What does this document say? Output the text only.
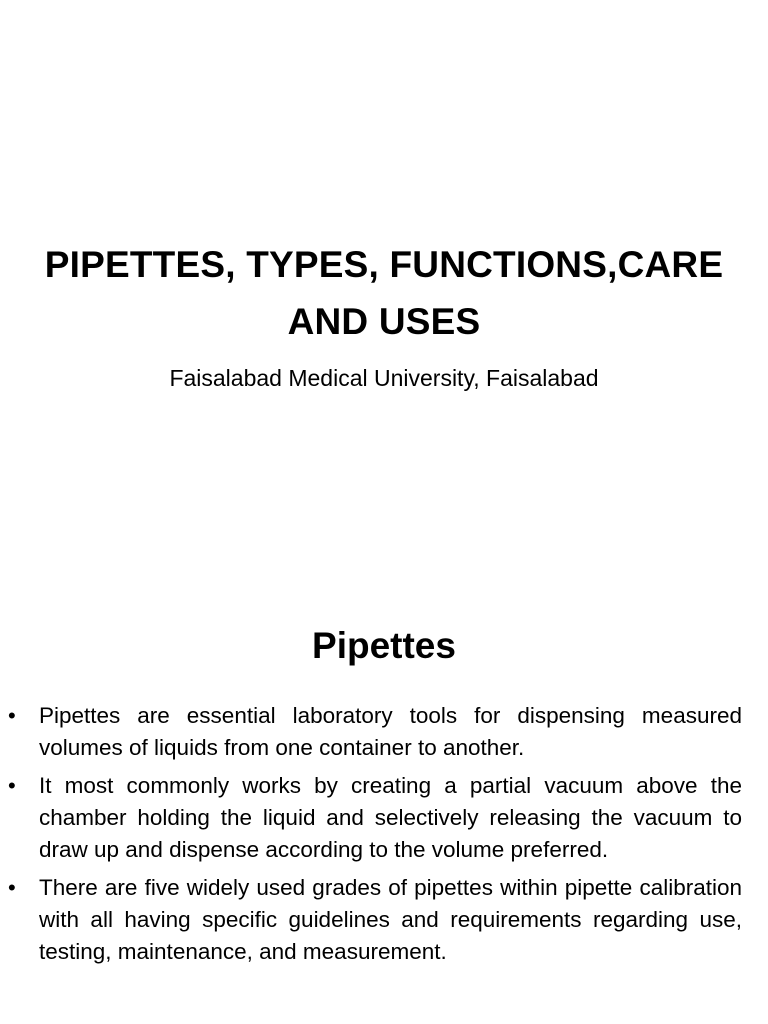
PIPETTES, TYPES, FUNCTIONS,CARE AND USES
Faisalabad Medical University, Faisalabad
Pipettes
• Pipettes are essential laboratory tools for dispensing measured volumes of liquids from one container to another.
• It most commonly works by creating a partial vacuum above the chamber holding the liquid and selectively releasing the vacuum to draw up and dispense according to the volume preferred.
• There are five widely used grades of pipettes within pipette calibration with all having specific guidelines and requirements regarding use, testing, maintenance, and measurement.
